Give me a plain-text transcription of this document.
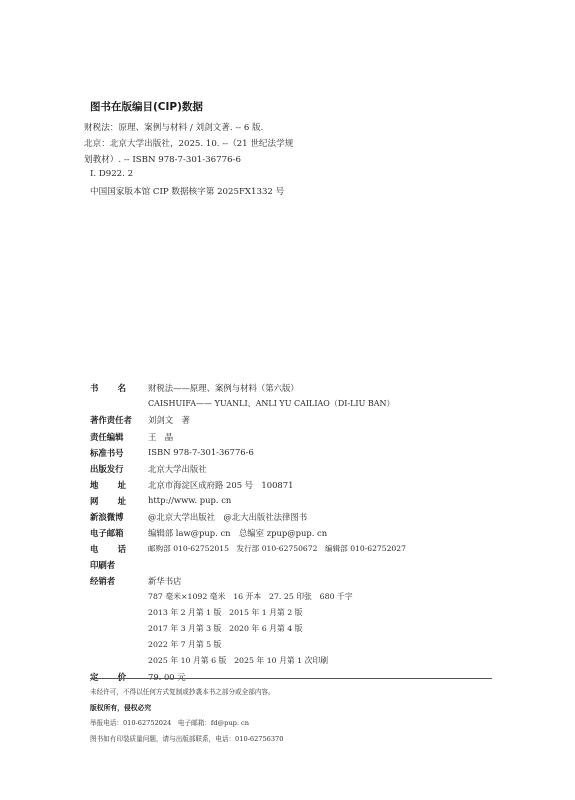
图书在版编目(CIP)数据
财税法：原理、案例与材料 / 刘剑文著. -- 6 版.
北京：北京大学出版社，2025. 10. --（21 世纪法学规
划教材）. -- ISBN 978-7-301-36776-6
Ⅰ. D922. 2
中国国家版本馆 CIP 数据核字第 2025FX1332 号
书 名	财税法——原理、案例与材料（第六版）
CAISHUIFA—— YUANLI、ANLI YU CAILIAO（DI-LIU BAN）
著作责任者	刘剑文　著
责任编辑	王　晶
标准书号	ISBN 978-7-301-36776-6
出版发行	北京大学出版社
地 址	北京市海淀区成府路 205 号　100871
网 址	http://www. pup. cn
新浪微博	@北京大学出版社　@北大出版社法律图书
电子邮箱	编辑部 law@pup. cn　总编室 zpup@pup. cn
电 话	邮购部 010-62752015　发行部 010-62750672　编辑部 010-62752027
印刷者
经销者	新华书店
787 毫米×1092 毫米　16 开本　27. 25 印张　680 千字
2013 年 2 月第 1 版　2015 年 1 月第 2 版
2017 年 3 月第 3 版　2020 年 6 月第 4 版
2022 年 7 月第 5 版
2025 年 10 月第 6 版　2025 年 10 月第 1 次印刷
定 价	79. 00 元
未经许可，不得以任何方式复制或抄袭本书之部分或全部内容。
版权所有，侵权必究
举报电话：010-62752024　电子邮箱：fd@pup. cn
图书如有印装质量问题，请与出版部联系，电话：010-62756370
